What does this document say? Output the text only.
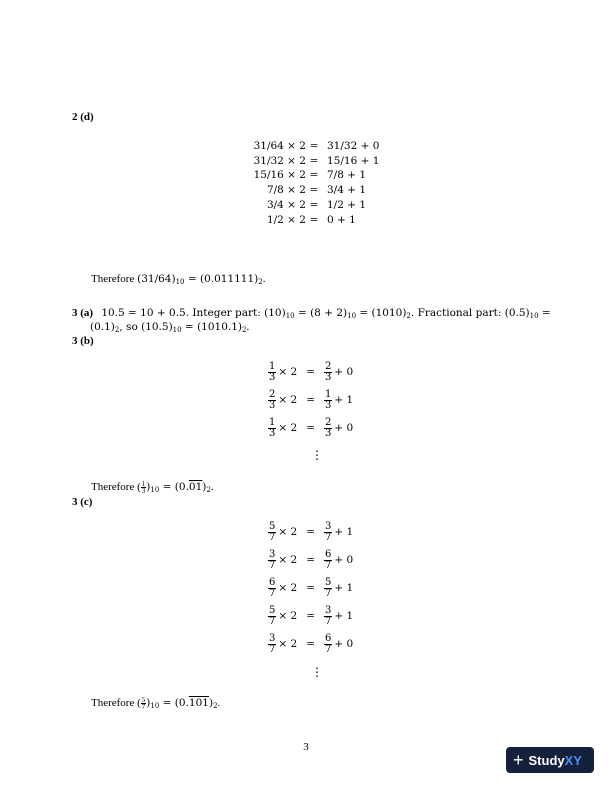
2 (d)
31/64 × 2 = 31/32 + 0
31/32 × 2 = 15/16 + 1
15/16 × 2 = 7/8 + 1
7/8 × 2 = 3/4 + 1
3/4 × 2 = 1/2 + 1
1/2 × 2 = 0 + 1
Therefore $(31/64)_{10} = (0.011111)_2$.
3 (a) 10.5 = 10 + 0.5. Integer part: $(10)_{10} = (8 + 2)_{10} = (1010)_2$. Fractional part: $(0.5)_{10}$ =
$(0.1)_2$, so $(10.5)_{10} = (1010.1)_2$.
3 (b)
$\frac{1}{3} \times 2 = \frac{2}{3} + 0$
$\frac{2}{3} \times 2 = \frac{1}{3} + 1$
$\frac{1}{3} \times 2 = \frac{2}{3} + 0$
⋮
Therefore ( $\frac{1}{3} )_{10} = (0.01)_2$.
3 (c)
$\frac{5}{7} \times 2 = \frac{3}{7} + 1$
$\frac{3}{7} \times 2 = \frac{6}{7} + 0$
$\frac{6}{7} \times 2 = \frac{5}{7} + 1$
$\frac{5}{7} \times 2 = \frac{3}{7} + 1$
$\frac{3}{7} \times 2 = \frac{6}{7} + 0$
⋮
Therefore ( $\frac{5}{7} )_{10} = (0.101)_2$.
3
+ Study XY
